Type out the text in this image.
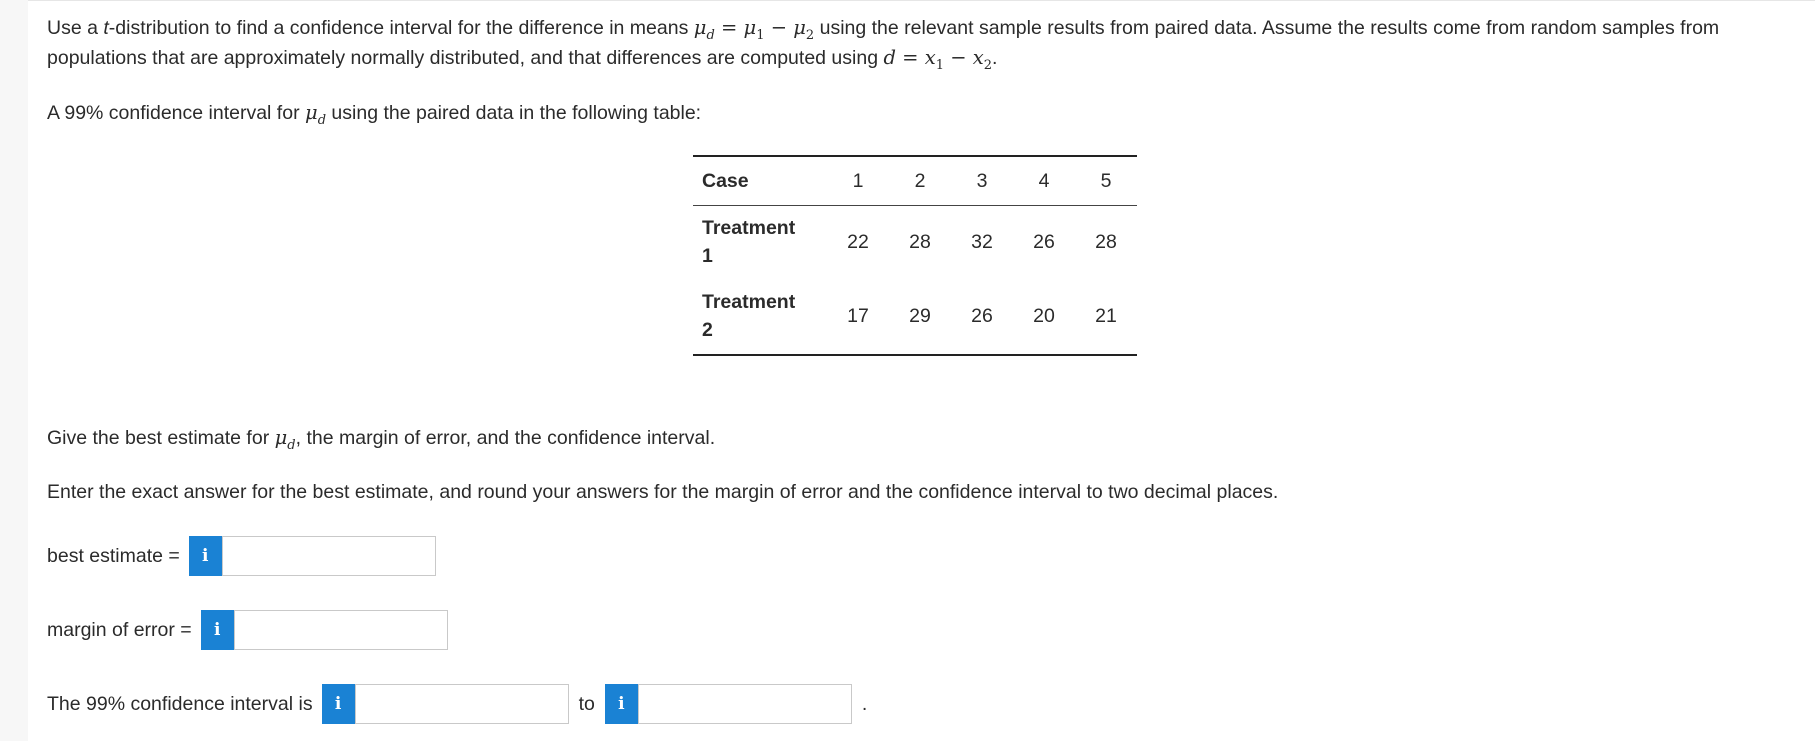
Use a t-distribution to find a confidence interval for the difference in means $\mu_d = \mu_1 - \mu_2$ using the relevant sample results from paired data. Assume the results come from random samples from populations that are approximately normally distributed, and that differences are computed using $d = x_1 - x_2$.

A 99% confidence interval for $\mu_d$ using the paired data in the following table:

Give the best estimate for $\mu_d$, the margin of error, and the confidence interval.

Enter the exact answer for the best estimate, and round your answers for the margin of error and the confidence interval to two decimal places.

best estimate =	i
margin of error =	i
The 99% confidence interval is	i	to	i	.
Case	1	2	3	4	5
Treatment
1	22	28	32	26	28
Treatment
2	17	29	26	20	21
